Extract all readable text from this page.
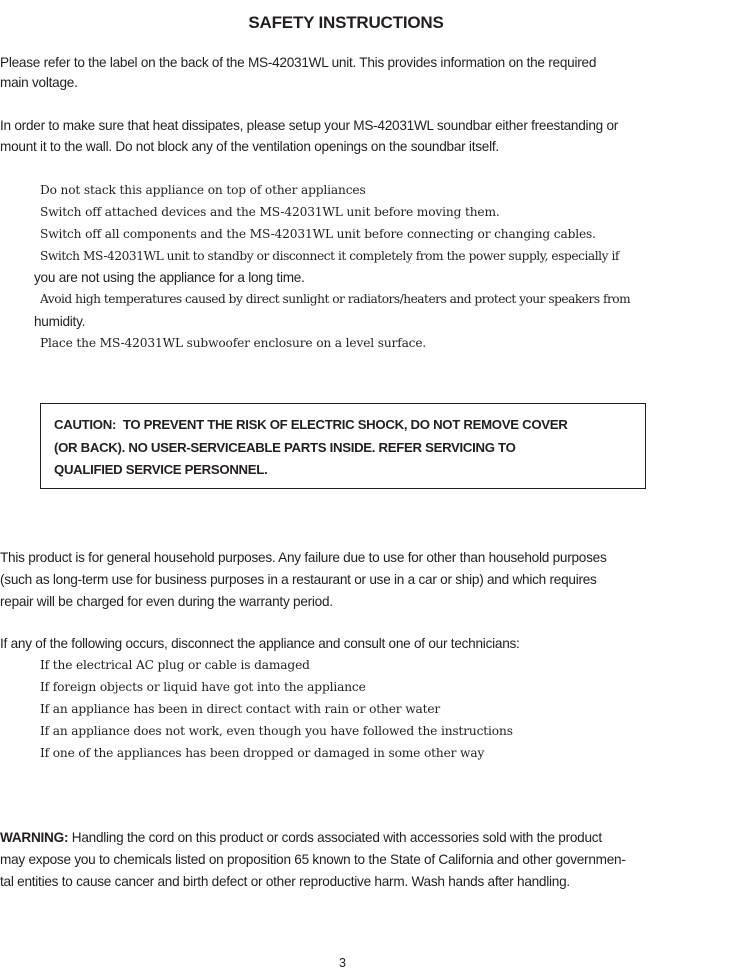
SAFETY INSTRUCTIONS
Please refer to the label on the back of the MS-42031WL unit. This provides information on the required
main voltage.
In order to make sure that heat dissipates, please setup your MS-42031WL soundbar either freestanding or
mount it to the wall. Do not block any of the ventilation openings on the soundbar itself.
Do not stack this appliance on top of other appliances
Switch off attached devices and the MS-42031WL unit before moving them.
Switch off all components and the MS-42031WL unit before connecting or changing cables.
Switch MS-42031WL unit to standby or disconnect it completely from the power supply, especially if
you are not using the appliance for a long time.
Avoid high temperatures caused by direct sunlight or radiators/heaters and protect your speakers from
humidity.
Place the MS-42031WL subwoofer enclosure on a level surface.
CAUTION: TO PREVENT THE RISK OF ELECTRIC SHOCK, DO NOT REMOVE COVER
(OR BACK). NO USER-SERVICEABLE PARTS INSIDE. REFER SERVICING TO
QUALIFIED SERVICE PERSONNEL.
This product is for general household purposes. Any failure due to use for other than household purposes
(such as long-term use for business purposes in a restaurant or use in a car or ship) and which requires
repair will be charged for even during the warranty period.
If any of the following occurs, disconnect the appliance and consult one of our technicians:
If the electrical AC plug or cable is damaged
If foreign objects or liquid have got into the appliance
If an appliance has been in direct contact with rain or other water
If an appliance does not work, even though you have followed the instructions
If one of the appliances has been dropped or damaged in some other way
WARNING: Handling the cord on this product or cords associated with accessories sold with the product
may expose you to chemicals listed on proposition 65 known to the State of California and other governmen-
tal entities to cause cancer and birth defect or other reproductive harm. Wash hands after handling.
3
